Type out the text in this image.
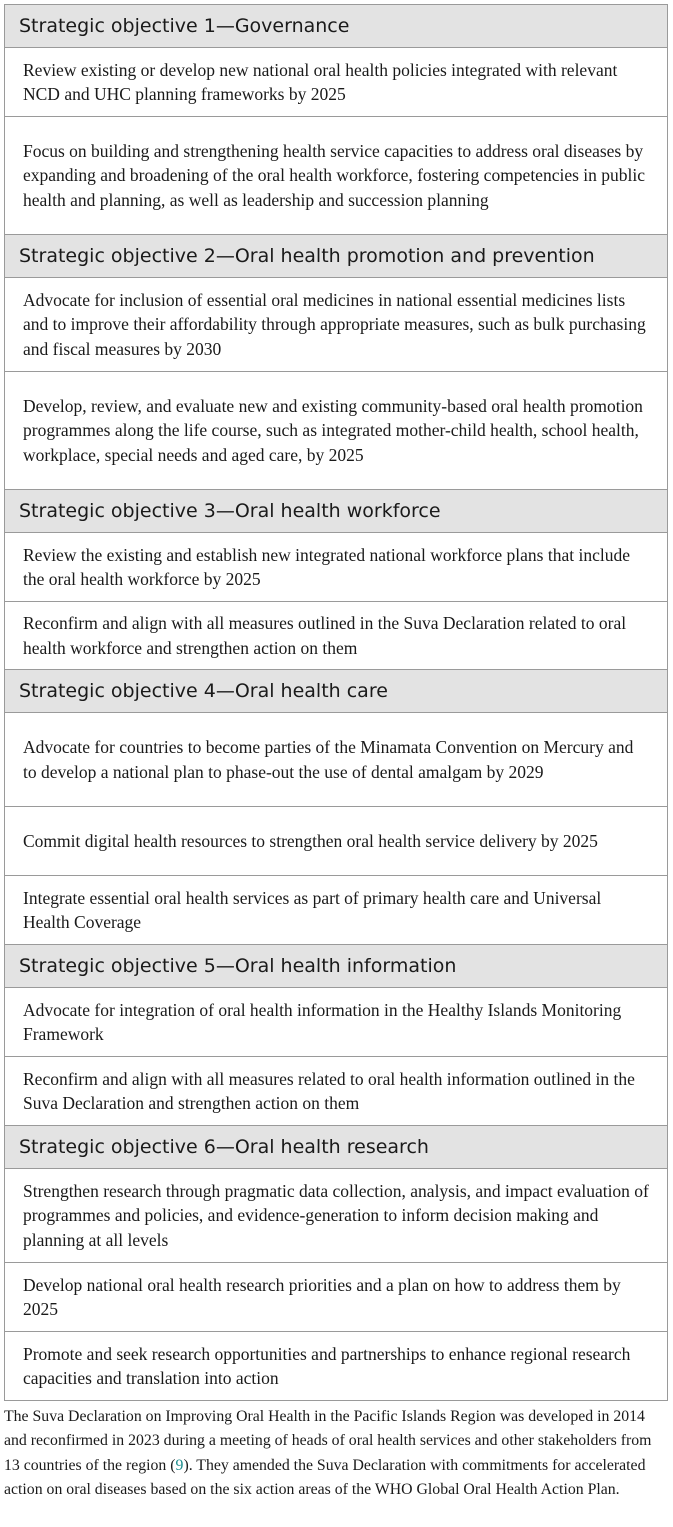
Strategic objective 1—Governance
Review existing or develop new national oral health policies integrated with relevant NCD and UHC planning frameworks by 2025
Focus on building and strengthening health service capacities to address oral diseases by expanding and broadening of the oral health workforce, fostering competencies in public health and planning, as well as leadership and succession planning
Strategic objective 2—Oral health promotion and prevention
Advocate for inclusion of essential oral medicines in national essential medicines lists and to improve their affordability through appropriate measures, such as bulk purchasing and fiscal measures by 2030
Develop, review, and evaluate new and existing community-based oral health promotion programmes along the life course, such as integrated mother-child health, school health, workplace, special needs and aged care, by 2025
Strategic objective 3—Oral health workforce
Review the existing and establish new integrated national workforce plans that include the oral health workforce by 2025
Reconfirm and align with all measures outlined in the Suva Declaration related to oral health workforce and strengthen action on them
Strategic objective 4—Oral health care
Advocate for countries to become parties of the Minamata Convention on Mercury and to develop a national plan to phase-out the use of dental amalgam by 2029
Commit digital health resources to strengthen oral health service delivery by 2025
Integrate essential oral health services as part of primary health care and Universal Health Coverage
Strategic objective 5—Oral health information
Advocate for integration of oral health information in the Healthy Islands Monitoring Framework
Reconfirm and align with all measures related to oral health information outlined in the Suva Declaration and strengthen action on them
Strategic objective 6—Oral health research
Strengthen research through pragmatic data collection, analysis, and impact evaluation of programmes and policies, and evidence-generation to inform decision making and planning at all levels
Develop national oral health research priorities and a plan on how to address them by 2025
Promote and seek research opportunities and partnerships to enhance regional research capacities and translation into action
The Suva Declaration on Improving Oral Health in the Pacific Islands Region was developed in 2014 and reconfirmed in 2023 during a meeting of heads of oral health services and other stakeholders from 13 countries of the region (9). They amended the Suva Declaration with commitments for accelerated action on oral diseases based on the six action areas of the WHO Global Oral Health Action Plan.
